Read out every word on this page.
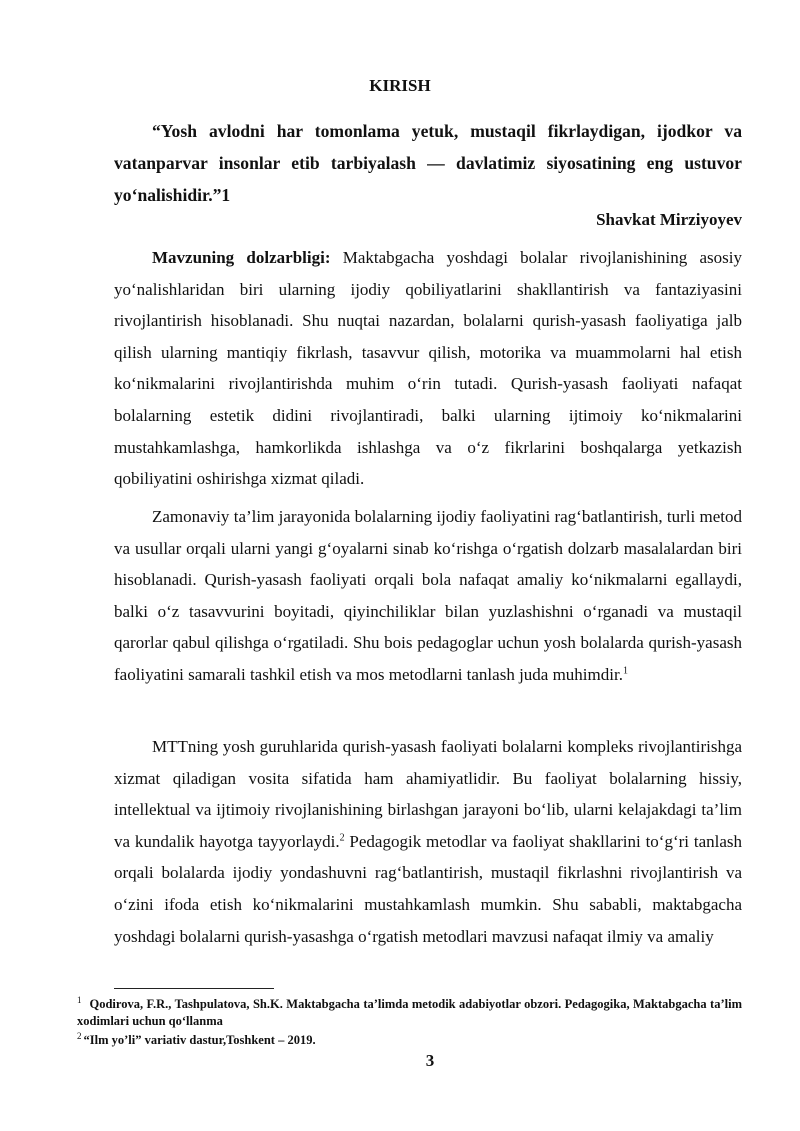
KIRISH
“Yosh avlodni har tomonlama yetuk, mustaqil fikrlaydigan, ijodkor va vatanparvar insonlar etib tarbiyalash — davlatimiz siyosatining eng ustuvor yo‘nalishidir.”1
Shavkat Mirziyoyev

Mavzuning dolzarbligi: Maktabgacha yoshdagi bolalar rivojlanishining asosiy yo‘nalishlaridan biri ularning ijodiy qobiliyatlarini shakllantirish va fantaziyasini rivojlantirish hisoblanadi. Shu nuqtai nazardan, bolalarni qurish-yasash faoliyatiga jalb qilish ularning mantiqiy fikrlash, tasavvur qilish, motorika va muammolarni hal etish ko‘nikmalarini rivojlantirishda muhim o‘rin tutadi. Qurish-yasash faoliyati nafaqat bolalarning estetik didini rivojlantiradi, balki ularning ijtimoiy ko‘nikmalarini mustahkamlashga, hamkorlikda ishlashga va o‘z fikrlarini boshqalarga yetkazish qobiliyatini oshirishga xizmat qiladi.

Zamonaviy ta’lim jarayonida bolalarning ijodiy faoliyatini rag‘batlantirish, turli metod va usullar orqali ularni yangi g‘oyalarni sinab ko‘rishga o‘rgatish dolzarb masalalardan biri hisoblanadi. Qurish-yasash faoliyati orqali bola nafaqat amaliy ko‘nikmalarni egallaydi, balki o‘z tasavvurini boyitadi, qiyinchiliklar bilan yuzlashishni o‘rganadi va mustaqil qarorlar qabul qilishga o‘rgatiladi. Shu bois pedagoglar uchun yosh bolalarda qurish-yasash faoliyatini samarali tashkil etish va mos metodlarni tanlash juda muhimdir.$^1$

MTTning yosh guruhlarida qurish-yasash faoliyati bolalarni kompleks rivojlantirishga xizmat qiladigan vosita sifatida ham ahamiyatlidir. Bu faoliyat bolalarning hissiy, intellektual va ijtimoiy rivojlanishining birlashgan jarayoni bo‘lib, ularni kelajakdagi ta’lim va kundalik hayotga tayyorlaydi.$^2$ Pedagogik metodlar va faoliyat shakllarini to‘g‘ri tanlash orqali bolalarda ijodiy yondashuvni rag‘batlantirish, mustaqil fikrlashni rivojlantirish va o‘zini ifoda etish ko‘nikmalarini mustahkamlash mumkin. Shu sababli, maktabgacha yoshdagi bolalarni qurish-yasashga o‘rgatish metodlari mavzusi nafaqat ilmiy va amaliy

$^1$ Qodirova, F.R., Tashpulatova, Sh.K. Maktabgacha ta’limda metodik adabiyotlar obzori. Pedagogika, Maktabgacha ta’lim xodimlari uchun qo‘llanma
$^2$ “Ilm yo’li” variativ dastur,Toshkent – 2019.
3
